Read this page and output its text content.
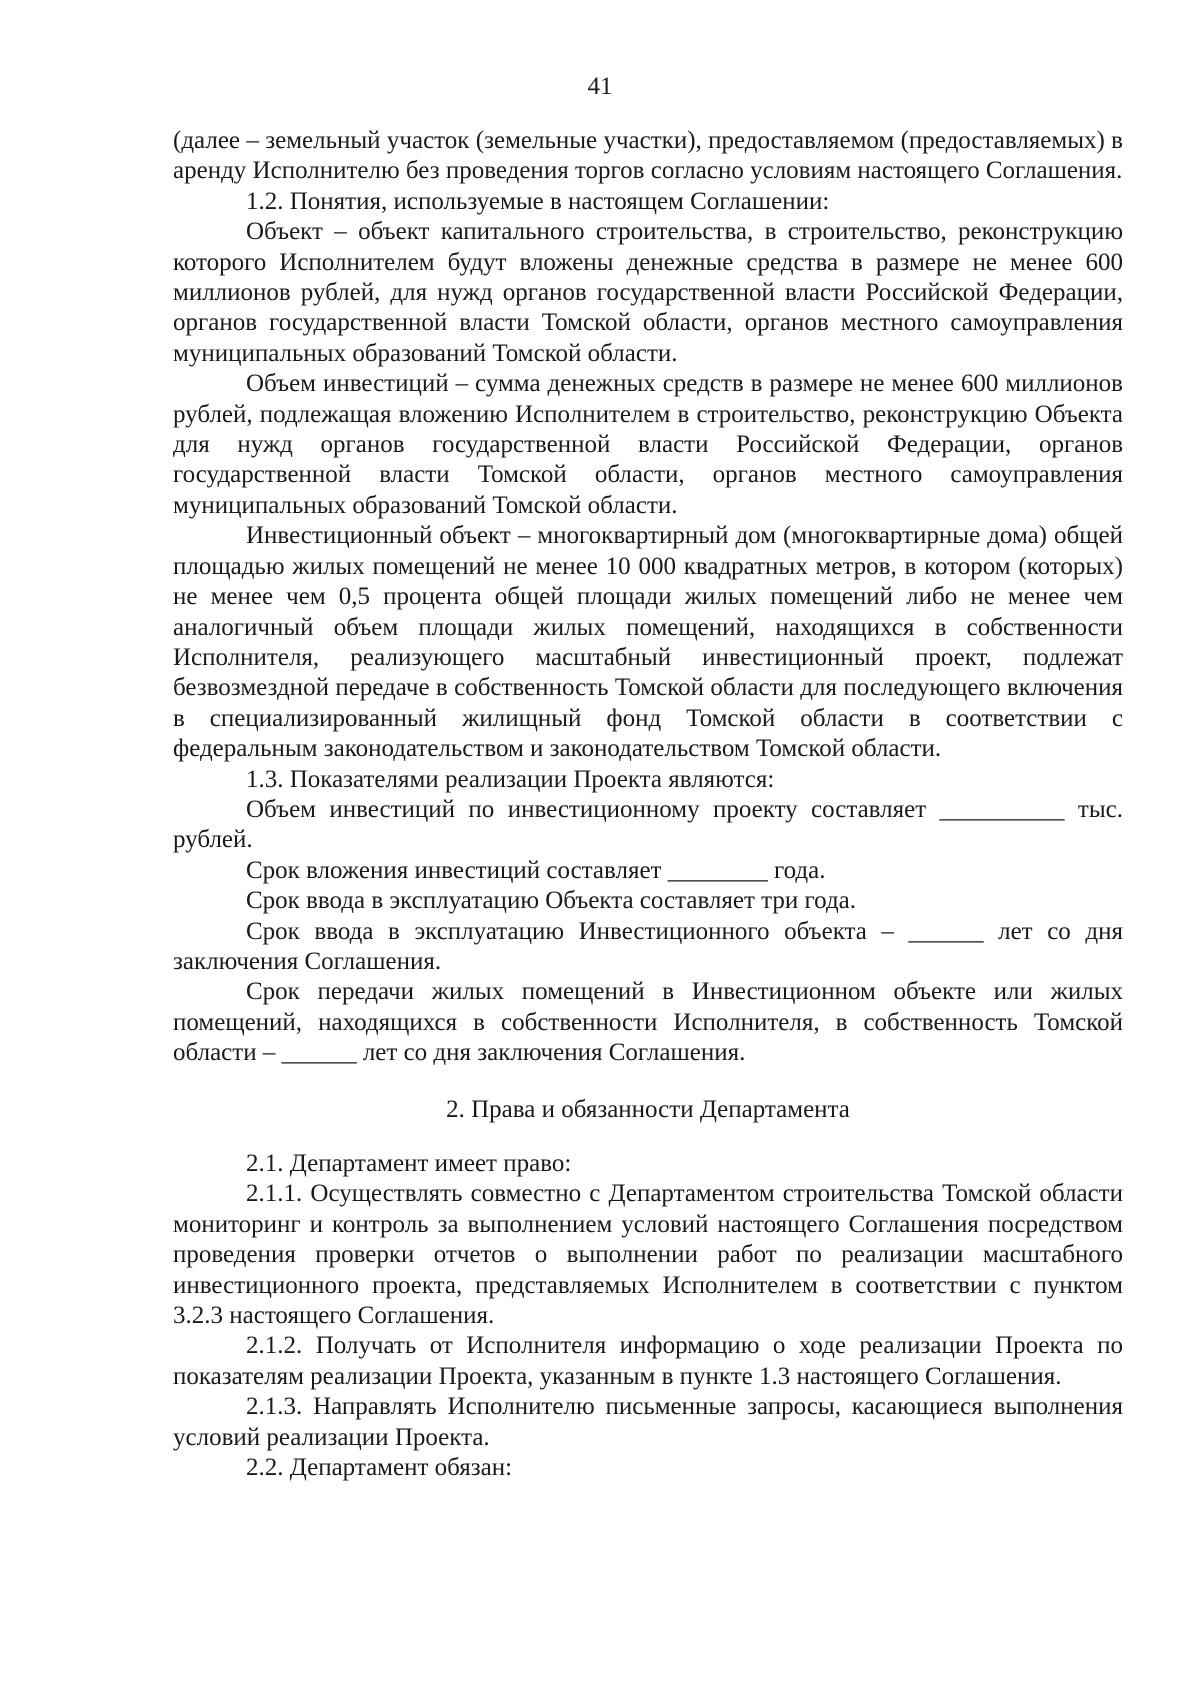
41

(далее – земельный участок (земельные участки), предоставляемом (предоставляемых) в аренду Исполнителю без проведения торгов согласно условиям настоящего Соглашения.

1.2. Понятия, используемые в настоящем Соглашении:

Объект – объект капитального строительства, в строительство, реконструкцию которого Исполнителем будут вложены денежные средства в размере не менее 600 миллионов рублей, для нужд органов государственной власти Российской Федерации, органов государственной власти Томской области, органов местного самоуправления муниципальных образований Томской области.

Объем инвестиций – сумма денежных средств в размере не менее 600 миллионов рублей, подлежащая вложению Исполнителем в строительство, реконструкцию Объекта для нужд органов государственной власти Российской Федерации, органов государственной власти Томской области, органов местного самоуправления муниципальных образований Томской области.

Инвестиционный объект – многоквартирный дом (многоквартирные дома) общей площадью жилых помещений не менее 10 000 квадратных метров, в котором (которых) не менее чем 0,5 процента общей площади жилых помещений либо не менее чем аналогичный объем площади жилых помещений, находящихся в собственности Исполнителя, реализующего масштабный инвестиционный проект, подлежат безвозмездной передаче в собственность Томской области для последующего включения в специализированный жилищный фонд Томской области в соответствии с федеральным законодательством и законодательством Томской области.

1.3. Показателями реализации Проекта являются:

Объем инвестиций по инвестиционному проекту составляет __________ тыс. рублей.

Срок вложения инвестиций составляет ________ года.

Срок ввода в эксплуатацию Объекта составляет три года.

Срок ввода в эксплуатацию Инвестиционного объекта – ______ лет со дня заключения Соглашения.

Срок передачи жилых помещений в Инвестиционном объекте или жилых помещений, находящихся в собственности Исполнителя, в собственность Томской области – ______ лет со дня заключения Соглашения.

2. Права и обязанности Департамента

2.1. Департамент имеет право:

2.1.1. Осуществлять совместно с Департаментом строительства Томской области мониторинг и контроль за выполнением условий настоящего Соглашения посредством проведения проверки отчетов о выполнении работ по реализации масштабного инвестиционного проекта, представляемых Исполнителем в соответствии с пунктом 3.2.3 настоящего Соглашения.

2.1.2. Получать от Исполнителя информацию о ходе реализации Проекта по показателям реализации Проекта, указанным в пункте 1.3 настоящего Соглашения.

2.1.3. Направлять Исполнителю письменные запросы, касающиеся выполнения условий реализации Проекта.

2.2. Департамент обязан:
